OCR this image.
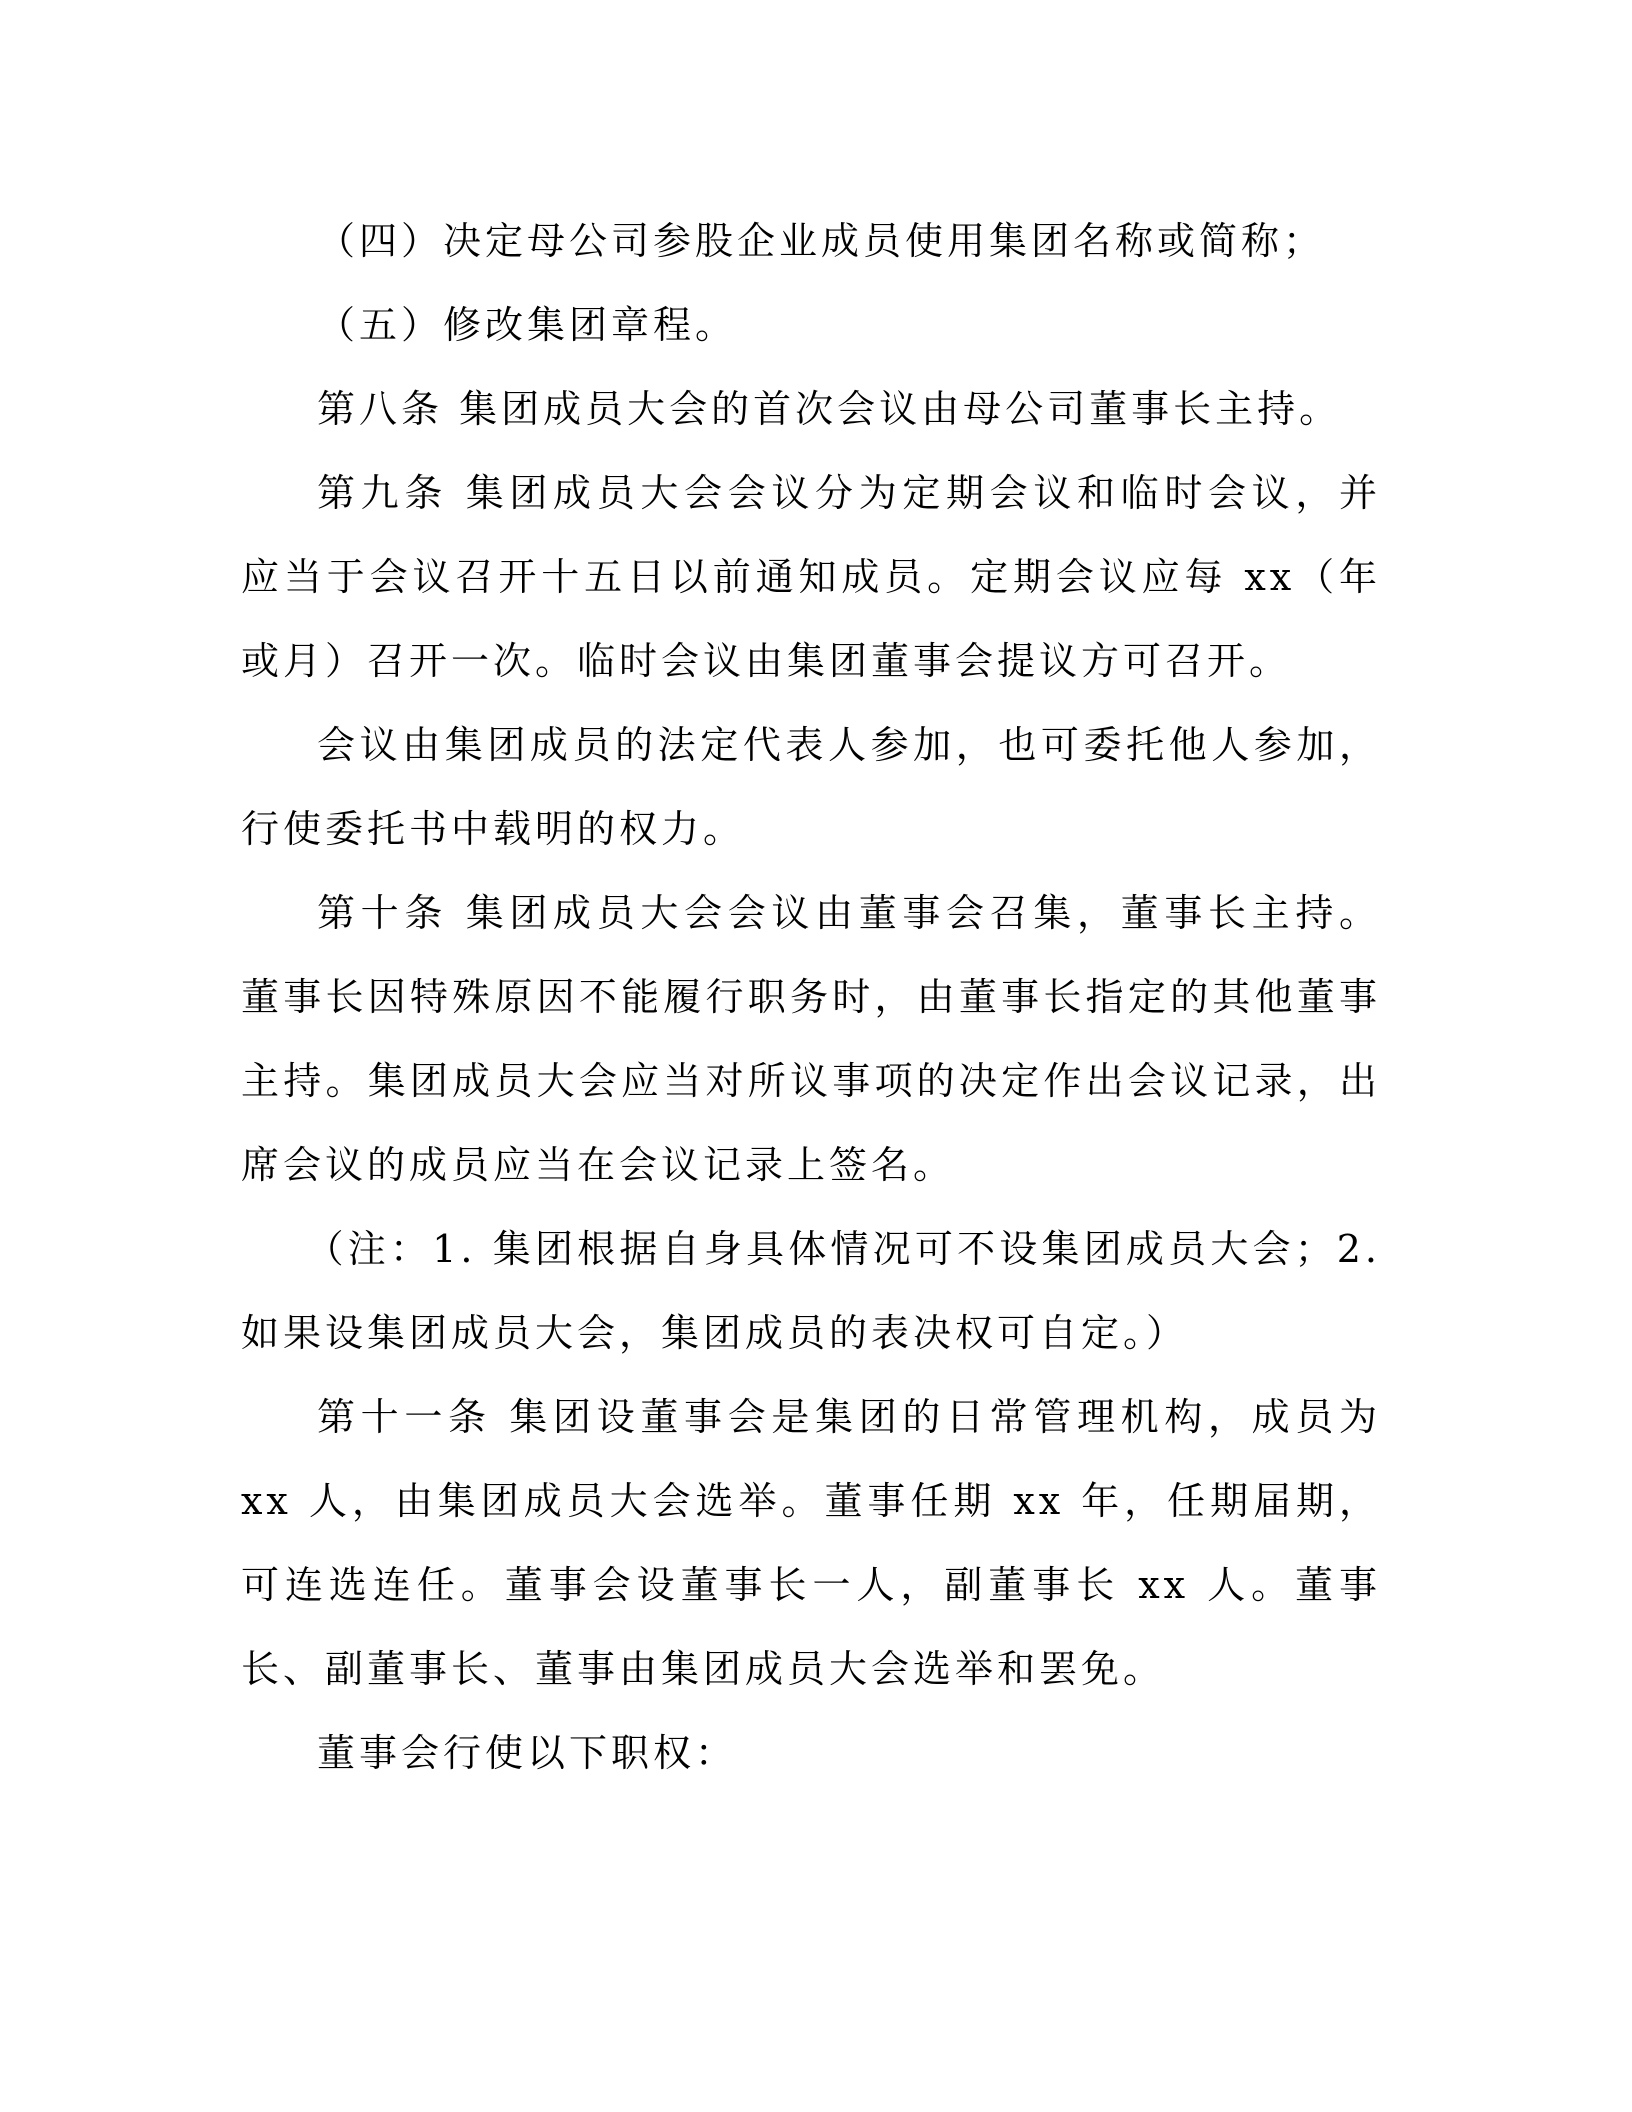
（四）决定母公司参股企业成员使用集团名称或简称；

（五）修改集团章程。

第八条 集团成员大会的首次会议由母公司董事长主持。

第九条 集团成员大会会议分为定期会议和临时会议，并应当于会议召开十五日以前通知成员。定期会议应每 xx（年或月）召开一次。临时会议由集团董事会提议方可召开。

会议由集团成员的法定代表人参加，也可委托他人参加，行使委托书中载明的权力。

第十条 集团成员大会会议由董事会召集，董事长主持。董事长因特殊原因不能履行职务时，由董事长指定的其他董事主持。集团成员大会应当对所议事项的决定作出会议记录，出席会议的成员应当在会议记录上签名。

（注：1. 集团根据自身具体情况可不设集团成员大会；2. 如果设集团成员大会，集团成员的表决权可自定。）

第十一条 集团设董事会是集团的日常管理机构，成员为 xx 人，由集团成员大会选举。董事任期 xx 年，任期届期，可连选连任。董事会设董事长一人，副董事长 xx 人。董事长、副董事长、董事由集团成员大会选举和罢免。

董事会行使以下职权：
